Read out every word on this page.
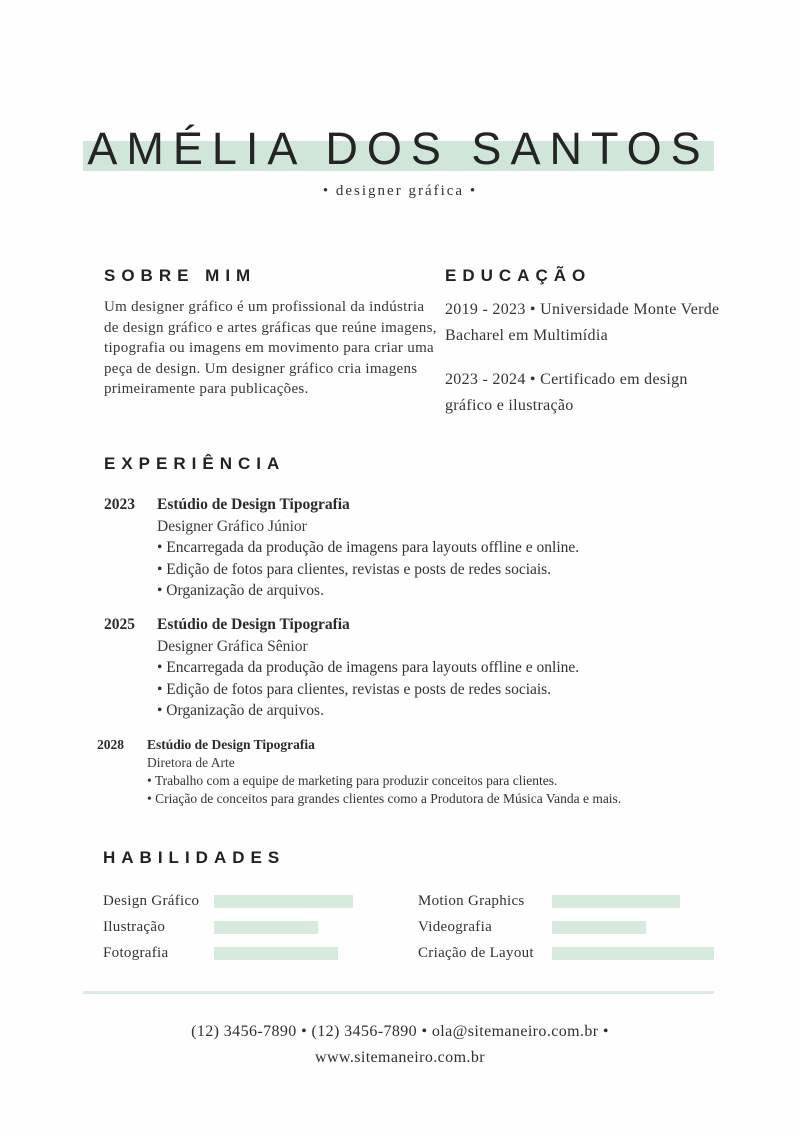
AMÉLIA DOS SANTOS
• designer gráfica •
SOBRE MIM

Um designer gráfico é um profissional da indústria de design gráfico e artes gráficas que reúne imagens, tipografia ou imagens em movimento para criar uma peça de design. Um designer gráfico cria imagens primeiramente para publicações.

EDUCAÇÃO

2019 - 2023 • Universidade Monte Verde Bacharel em Multimídia

2023 - 2024 • Certificado em design gráfico e ilustração

EXPERIÊNCIA
2023	Estúdio de Design Tipografia
Designer Gráfico Júnior
• Encarregada da produção de imagens para layouts offline e online.
• Edição de fotos para clientes, revistas e posts de redes sociais.
• Organização de arquivos.
2025	Estúdio de Design Tipografia
Designer Gráfica Sênior
• Encarregada da produção de imagens para layouts offline e online.
• Edição de fotos para clientes, revistas e posts de redes sociais.
• Organização de arquivos.
2028	Estúdio de Design Tipografia
Diretora de Arte
• Trabalho com a equipe de marketing para produzir conceitos para clientes.
• Criação de conceitos para grandes clientes como a Produtora de Música Vanda e mais.
HABILIDADES
Design Gráfico	Motion Graphics
Ilustração	Videografia
Fotografia	Criação de Layout
(12) 3456-7890 • (12) 3456-7890 • ola@sitemaneiro.com.br •
www.sitemaneiro.com.br
